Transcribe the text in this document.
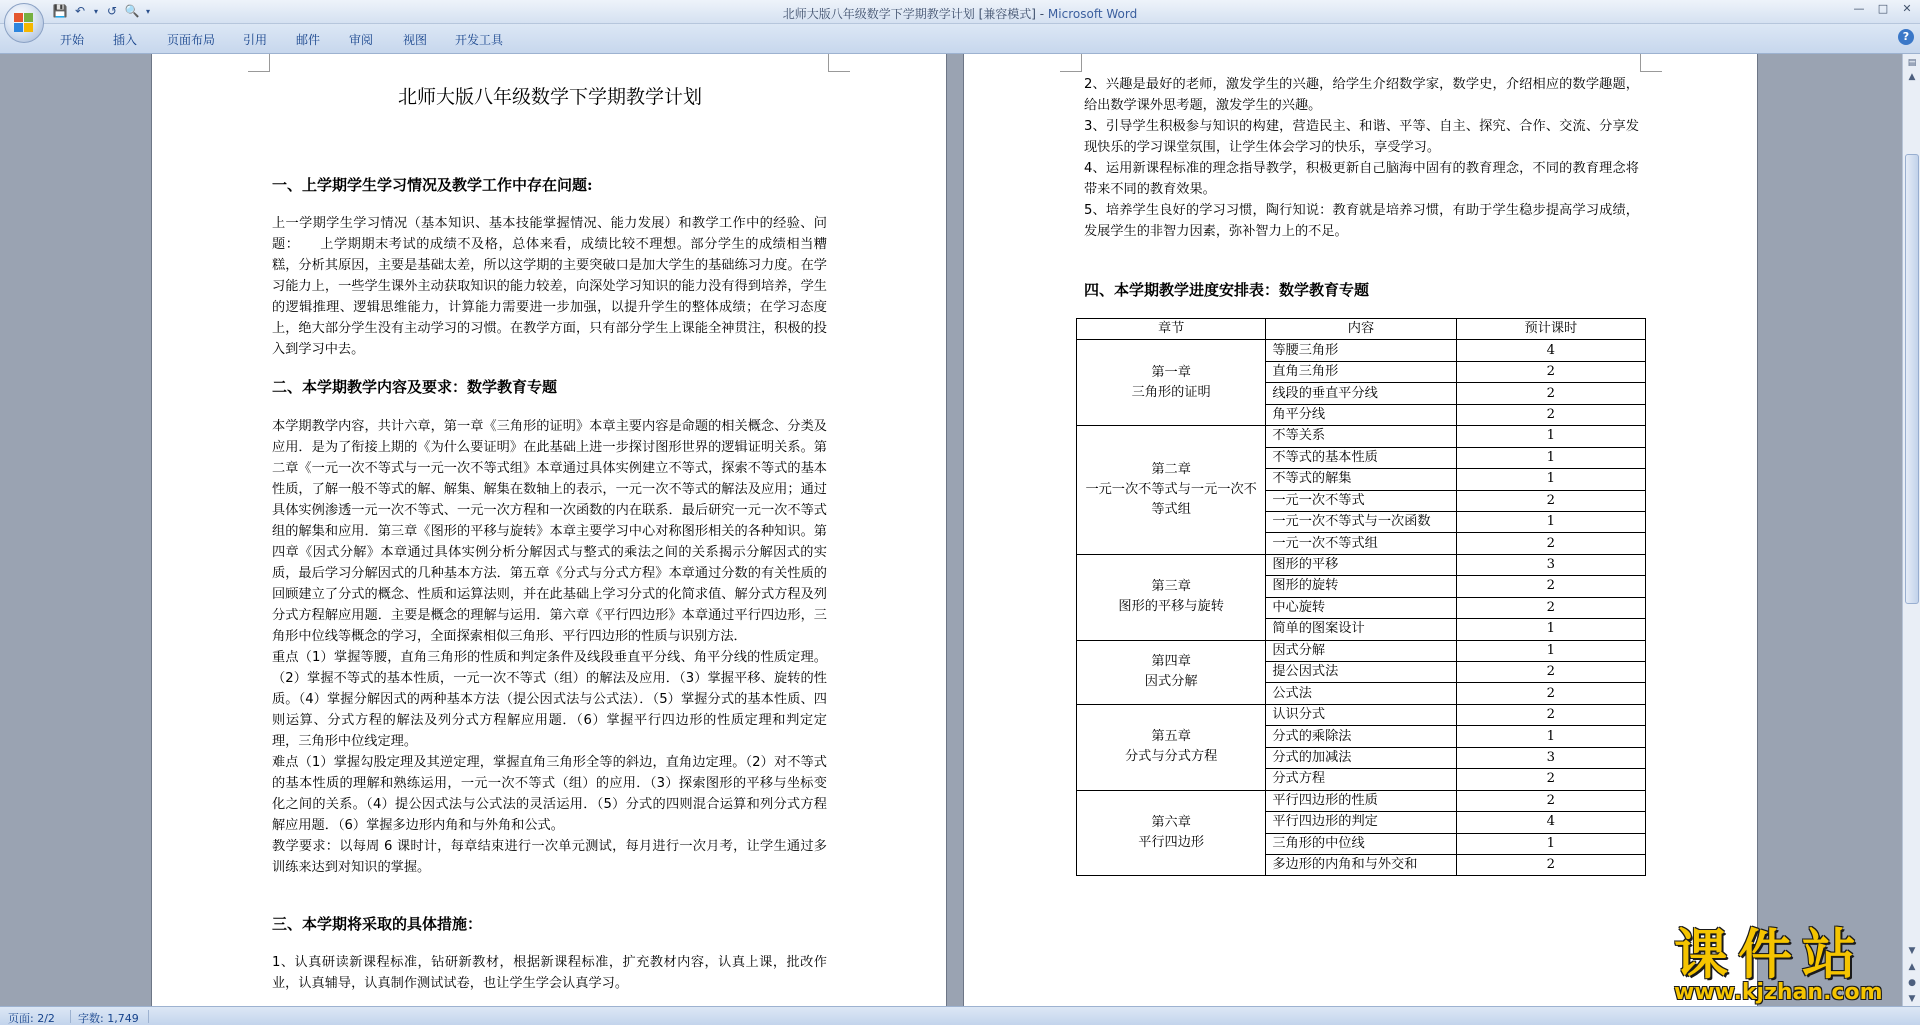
💾 ↶	▾ ↺ 🔍 ▾	北师大版八年级数学下学期教学计划 [兼容模式] - Microsoft Word	— □ ✕
开始 插入 页面布局 引用 邮件 审阅 视图 开发工具	?
北师大版八年级数学下学期教学计划
一、上学期学生学习情况及教学工作中存在问题:

上一学期学生学习情况（基本知识、基本技能掌握情况、能力发展）和教学工作中的经验、问题：　　上学期期末考试的成绩不及格，总体来看，成绩比较不理想。部分学生的成绩相当糟糕，分析其原因，主要是基础太差，所以这学期的主要突破口是加大学生的基础练习力度。在学习能力上，一些学生课外主动获取知识的能力较差，向深处学习知识的能力没有得到培养，学生的逻辑推理、逻辑思维能力，计算能力需要进一步加强，以提升学生的整体成绩；在学习态度上，绝大部分学生没有主动学习的习惯。在教学方面，只有部分学生上课能全神贯注，积极的投入到学习中去。

二、本学期教学内容及要求：数学教育专题

本学期教学内容，共计六章，第一章《三角形的证明》本章主要内容是命题的相关概念、分类及应用．是为了衔接上期的《为什么要证明》在此基础上进一步探讨图形世界的逻辑证明关系。第二章《一元一次不等式与一元一次不等式组》本章通过具体实例建立不等式，探索不等式的基本性质，了解一般不等式的解、解集、解集在数轴上的表示，一元一次不等式的解法及应用；通过具体实例渗透一元一次不等式、一元一次方程和一次函数的内在联系．最后研究一元一次不等式组的解集和应用．第三章《图形的平移与旋转》本章主要学习中心对称图形相关的各种知识。第四章《因式分解》本章通过具体实例分析分解因式与整式的乘法之间的关系揭示分解因式的实质，最后学习分解因式的几种基本方法．第五章《分式与分式方程》本章通过分数的有关性质的回顾建立了分式的概念、性质和运算法则，并在此基础上学习分式的化简求值、解分式方程及列分式方程解应用题．主要是概念的理解与运用．第六章《平行四边形》本章通过平行四边形，三角形中位线等概念的学习，全面探索相似三角形、平行四边形的性质与识别方法．

重点（1）掌握等腰，直角三角形的性质和判定条件及线段垂直平分线、角平分线的性质定理。（2）掌握不等式的基本性质，一元一次不等式（组）的解法及应用．（3）掌握平移、旋转的性质。（4）掌握分解因式的两种基本方法（提公因式法与公式法）．（5）掌握分式的基本性质、四则运算、分式方程的解法及列分式方程解应用题．（6）掌握平行四边形的性质定理和判定定理，三角形中位线定理。

难点（1）掌握勾股定理及其逆定理，掌握直角三角形全等的斜边，直角边定理。（2）对不等式的基本性质的理解和熟练运用，一元一次不等式（组）的应用．（3）探索图形的平移与坐标变化之间的关系。（4）提公因式法与公式法的灵活运用．（5）分式的四则混合运算和列分式方程解应用题．（6）掌握多边形内角和与外角和公式。

教学要求：以每周 6 课时计，每章结束进行一次单元测试，每月进行一次月考，让学生通过多训练来达到对知识的掌握。

三、本学期将采取的具体措施：

1、认真研读新课程标准，钻研新教材，根据新课程标准，扩充教材内容，认真上课，批改作业，认真辅导，认真制作测试试卷，也让学生学会认真学习。

2、兴趣是最好的老师，激发学生的兴趣，给学生介绍数学家，数学史，介绍相应的数学趣题，给出数学课外思考题，激发学生的兴趣。

3、引导学生积极参与知识的构建，营造民主、和谐、平等、自主、探究、合作、交流、分享发现快乐的学习课堂氛围，让学生体会学习的快乐，享受学习。

4、运用新课程标准的理念指导教学，积极更新自己脑海中固有的教育理念，不同的教育理念将带来不同的教育效果。

5、培养学生良好的学习习惯，陶行知说：教育就是培养习惯，有助于学生稳步提高学习成绩，发展学生的非智力因素，弥补智力上的不足。

四、本学期教学进度安排表：数学教育专题
章节	内容	预计课时

第一章
三角形的证明	等腰三角形	4
	直角三角形	2
	线段的垂直平分线	2
	角平分线	2

第二章
一元一次不等式与一元一次不等式组	不等关系	1
	不等式的基本性质	1
	不等式的解集	1
	一元一次不等式	2
	一元一次不等式与一次函数	1
	一元一次不等式组	2

第三章
图形的平移与旋转	图形的平移	3
	图形的旋转	2
	中心旋转	2
	简单的图案设计	1

第四章
因式分解	因式分解	1
	提公因式法	2
	公式法	2

第五章
分式与分式方程	认识分式	2
	分式的乘除法	1
	分式的加减法	3
	分式方程	2

第六章
平行四边形	平行四边形的性质	2
	平行四边形的判定	4
	三角形的中位线	1
	多边形的内角和与外交和	2
▤
▲
▼
▲
●
▼
课件站
www.kjzhan.com
页面: 2/2 字数: 1,749
